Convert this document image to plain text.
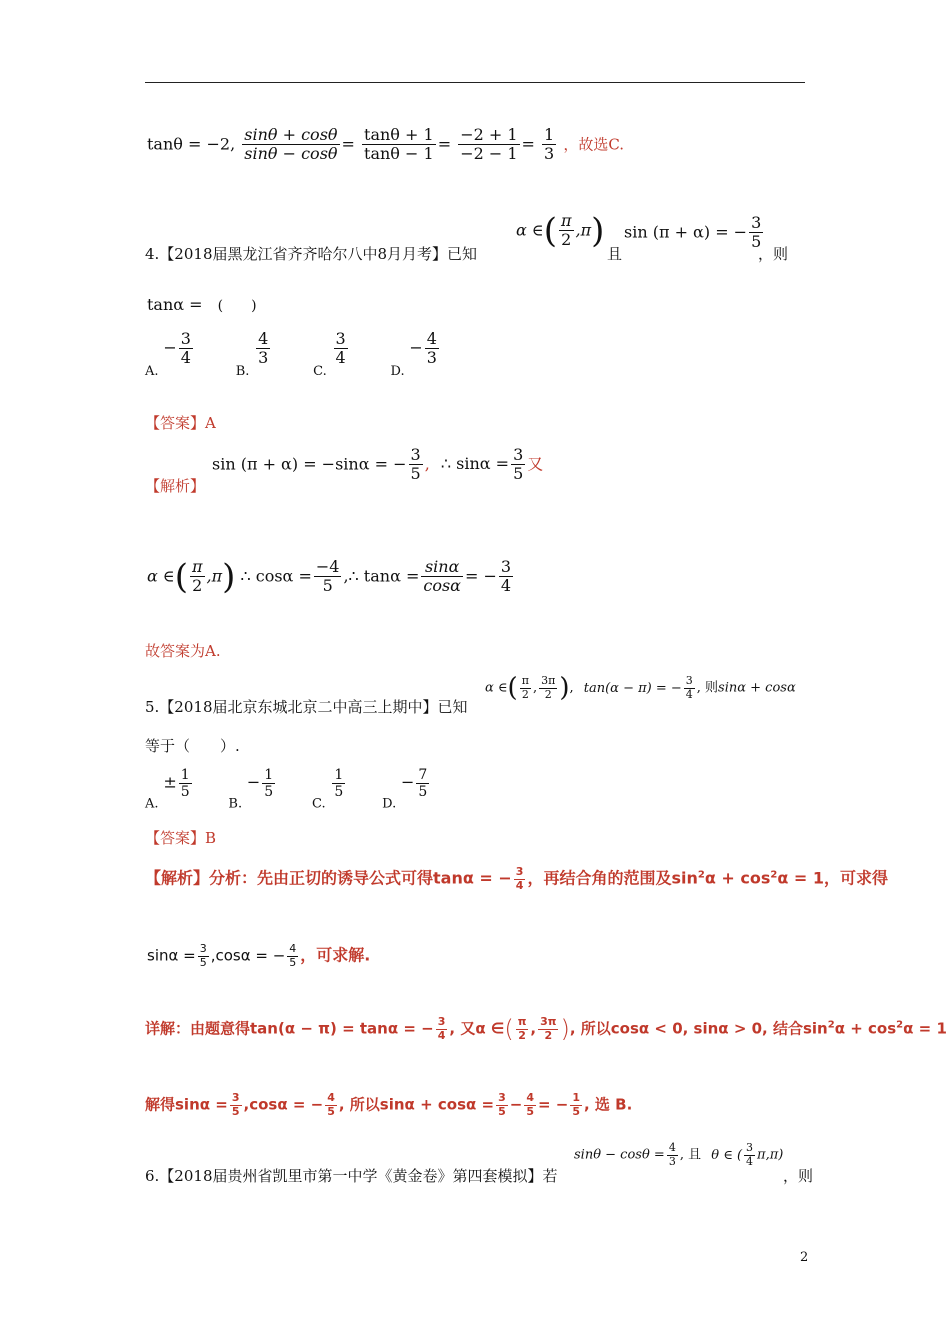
tanθ = −2, $\frac{\sin\theta + \cos\theta}{\sin\theta - \cos\theta} = \frac{\tan\theta + 1}{\tan\theta - 1} = \frac{-2 + 1}{-2 - 1} = \frac{1}{3}$ ，故选C.
4.【2018届黑龙江省齐齐哈尔八中8月月考】已知
α ∈( $\frac{\pi}{2} ,\pi$)
且
sin (π + α) = − $\frac{3}{5}$
，则
tanα = (　　)
A. − $\frac{3}{4}$
B.
$\frac{4}{3}$
C.
$\frac{3}{4}$
D. − $\frac{4}{3}$
【答案】A
【解析】
sin (π + α) = −sinα = − $\frac{3}{5}$ , ∴ $\sin\alpha = \frac{3}{5}$ 又
α ∈( $\frac{\pi}{2} ,\pi$) ∴ $\cos\alpha = \frac{-4}{5}$ ,∴ $\tan\alpha = \frac{\sin\alpha}{\cos\alpha}$ = − $\frac{3}{4}$
故答案为A.
5.【2018届北京东城北京二中高三上期中】已知
α ∈( $\frac{\pi}{2}$ , $\frac{3\pi}{2}$ ), tan(α − π) = − $\frac{3}{4}$ , 则sinα + cosα
等于（　　）.
A. ± $\frac{1}{5}$
B. − $\frac{1}{5}$
C.
$\frac{1}{5}$
D. − $\frac{7}{5}$
【答案】B
【解析】分析：先由正切的诱导公式可得tanα = − $\frac{3}{4}$ ，再结合角的范围及$\sin^2\alpha + \cos^2\alpha = 1$，可求得
$\sin\alpha = \frac{3}{5} ,\cos\alpha$ = − $\frac{4}{5}$ ，可求解.
详解：由题意得tan(α − π) = tanα = − $\frac{3}{4}$ , 又α ∈( $\frac{\pi}{2}$ , $\frac{3\pi}{2}$ ), 所以cosα < 0, sinα > 0, 结合$\sin^2\alpha + \cos^2\alpha = 1$
解得$\sin\alpha = \frac{3}{5} ,\cos\alpha$ = − $\frac{4}{5}$ , 所以$\sin\alpha + \cos\alpha = \frac{3}{5} - \frac{4}{5}$ = − $\frac{1}{5}$ , 选 B.
6.【2018届贵州省凯里市第一中学《黄金卷》第四套模拟】若
$\sin\theta - \cos\theta = \frac{4}{3}$ , 且 θ ∈ ( $\frac{3}{4} \pi,\pi$)
，则
2
